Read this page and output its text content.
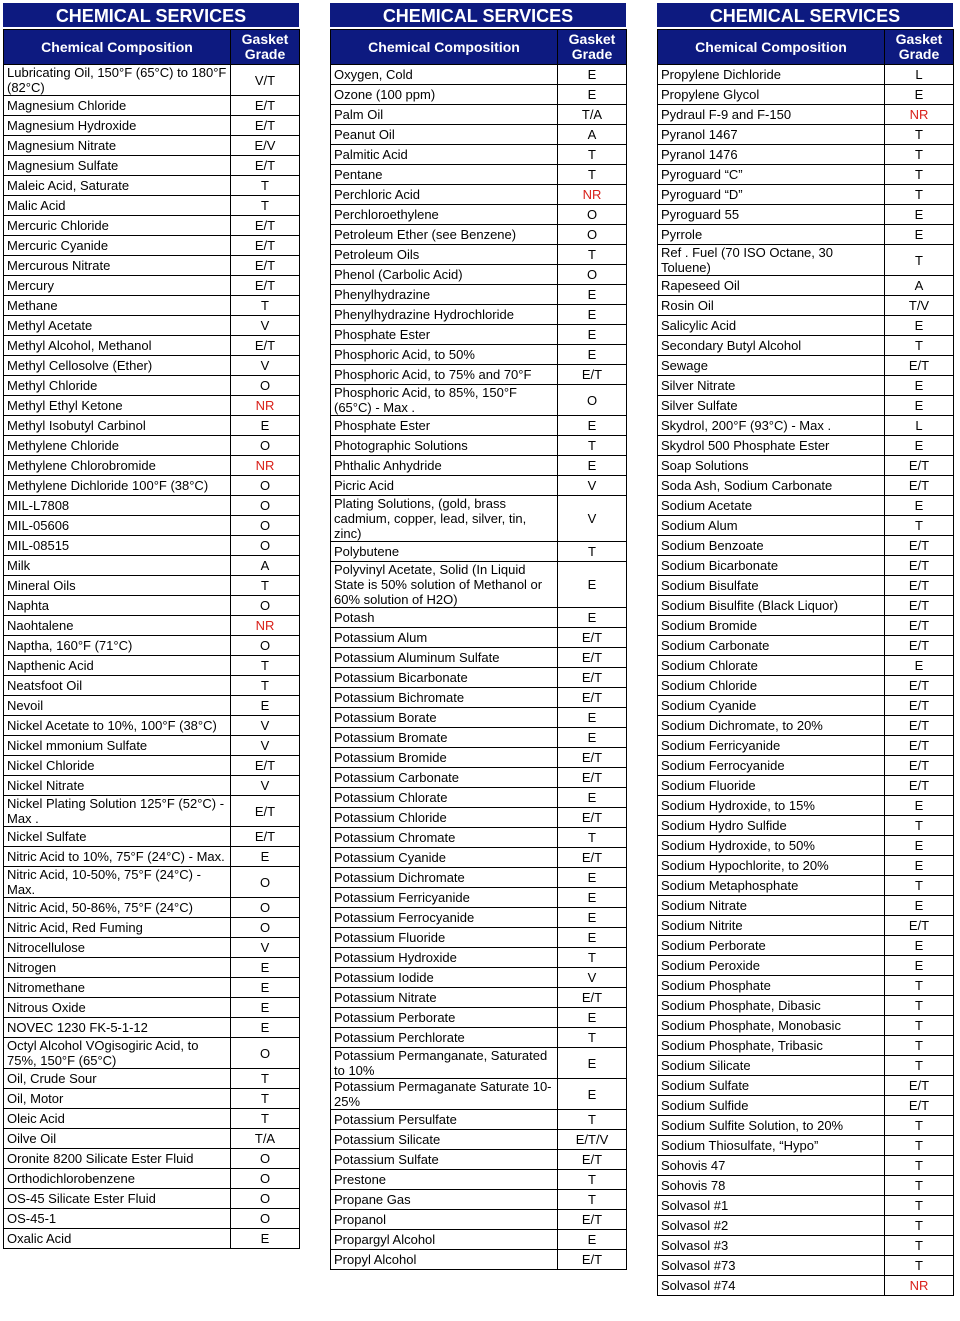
CHEMICAL SERVICES
Chemical Composition	Gasket Grade
Lubricating Oil, 150°F (65°C) to 180°F (82°C)	V/T
Magnesium Chloride	E/T
Magnesium Hydroxide	E/T
Magnesium Nitrate	E/V
Magnesium Sulfate	E/T
Maleic Acid, Saturate	T
Malic Acid	T
Mercuric Chloride	E/T
Mercuric Cyanide	E/T
Mercurous Nitrate	E/T
Mercury	E/T
Methane	T
Methyl Acetate	V
Methyl Alcohol, Methanol	E/T
Methyl Cellosolve (Ether)	V
Methyl Chloride	O
Methyl Ethyl Ketone	NR
Methyl Isobutyl Carbinol	E
Methylene Chloride	O
Methylene Chlorobromide	NR
Methylene Dichloride 100°F (38°C)	O
MIL-L7808	O
MIL-05606	O
MIL-08515	O
Milk	A
Mineral Oils	T
Naphta	O
Naohtalene	NR
Naptha, 160°F (71°C)	O
Napthenic Acid	T
Neatsfoot Oil	T
Nevoil	E
Nickel Acetate to 10%, 100°F (38°C)	V
Nickel mmonium Sulfate	V
Nickel Chloride	E/T
Nickel Nitrate	V
Nickel Plating Solution 125°F (52°C) - Max .	E/T
Nickel Sulfate	E/T
Nitric Acid to 10%, 75°F (24°C) - Max.	E
Nitric Acid, 10-50%, 75°F (24°C) - Max.	O
Nitric Acid, 50-86%, 75°F (24°C)	O
Nitric Acid, Red Fuming	O
Nitrocellulose	V
Nitrogen	E
Nitromethane	E
Nitrous Oxide	E
NOVEC 1230 FK-5-1-12	E
Octyl Alcohol VOgisogiric Acid, to 75%, 150°F (65°C)	O
Oil, Crude Sour	T
Oil, Motor	T
Oleic Acid	T
Oilve Oil	T/A
Oronite 8200 Silicate Ester Fluid	O
Orthodichlorobenzene	O
OS-45 Silicate Ester Fluid	O
OS-45-1	O
Oxalic Acid	E
CHEMICAL SERVICES
Chemical Composition	Gasket Grade
Oxygen, Cold	E
Ozone (100 ppm)	E
Palm Oil	T/A
Peanut Oil	A
Palmitic Acid	T
Pentane	T
Perchloric Acid	NR
Perchloroethylene	O
Petroleum Ether (see Benzene)	O
Petroleum Oils	T
Phenol (Carbolic Acid)	O
Phenylhydrazine	E
Phenylhydrazine Hydrochloride	E
Phosphate Ester	E
Phosphoric Acid, to 50%	E
Phosphoric Acid, to 75% and 70°F	E/T
Phosphoric Acid, to 85%, 150°F (65°C) - Max .	O
Phosphate Ester	E
Photographic Solutions	T
Phthalic Anhydride	E
Picric Acid	V
Plating Solutions, (gold, brass cadmium, copper, lead, silver, tin, zinc)	V
Polybutene	T
Polyvinyl Acetate, Solid (In Liquid State is 50% solution of Methanol or 60% solution of H2O)	E
Potash	E
Potassium Alum	E/T
Potassium Aluminum Sulfate	E/T
Potassium Bicarbonate	E/T
Potassium Bichromate	E/T
Potassium Borate	E
Potassium Bromate	E
Potassium Bromide	E/T
Potassium Carbonate	E/T
Potassium Chlorate	E
Potassium Chloride	E/T
Potassium Chromate	T
Potassium Cyanide	E/T
Potassium Dichromate	E
Potassium Ferricyanide	E
Potassium Ferrocyanide	E
Potassium Fluoride	E
Potassium Hydroxide	T
Potassium Iodide	V
Potassium Nitrate	E/T
Potassium Perborate	E
Potassium Perchlorate	T
Potassium Permanganate, Saturated to 10%	E
Potassium Permaganate Saturate 10-25%	E
Potassium Persulfate	T
Potassium Silicate	E/T/V
Potassium Sulfate	E/T
Prestone	T
Propane Gas	T
Propanol	E/T
Propargyl Alcohol	E
Propyl Alcohol	E/T
CHEMICAL SERVICES
Chemical Composition	Gasket Grade
Propylene Dichloride	L
Propylene Glycol	E
Pydraul F-9 and F-150	NR
Pyranol 1467	T
Pyranol 1476	T
Pyroguard “C”	T
Pyroguard “D”	T
Pyroguard 55	E
Pyrrole	E
Ref . Fuel (70 ISO Octane, 30 Toluene)	T
Rapeseed Oil	A
Rosin Oil	T/V
Salicylic Acid	E
Secondary Butyl Alcohol	T
Sewage	E/T
Silver Nitrate	E
Silver Sulfate	E
Skydrol, 200°F (93°C) - Max .	L
Skydrol 500 Phosphate Ester	E
Soap Solutions	E/T
Soda Ash, Sodium Carbonate	E/T
Sodium Acetate	E
Sodium Alum	T
Sodium Benzoate	E/T
Sodium Bicarbonate	E/T
Sodium Bisulfate	E/T
Sodium Bisulfite (Black Liquor)	E/T
Sodium Bromide	E/T
Sodium Carbonate	E/T
Sodium Chlorate	E
Sodium Chloride	E/T
Sodium Cyanide	E/T
Sodium Dichromate, to 20%	E/T
Sodium Ferricyanide	E/T
Sodium Ferrocyanide	E/T
Sodium Fluoride	E/T
Sodium Hydroxide, to 15%	E
Sodium Hydro Sulfide	T
Sodium Hydroxide, to 50%	E
Sodium Hypochlorite, to 20%	E
Sodium Metaphosphate	T
Sodium Nitrate	E
Sodium Nitrite	E/T
Sodium Perborate	E
Sodium Peroxide	E
Sodium Phosphate	T
Sodium Phosphate, Dibasic	T
Sodium Phosphate, Monobasic	T
Sodium Phosphate, Tribasic	T
Sodium Silicate	T
Sodium Sulfate	E/T
Sodium Sulfide	E/T
Sodium Sulfite Solution, to 20%	T
Sodium Thiosulfate, “Hypo”	T
Sohovis 47	T
Sohovis 78	T
Solvasol #1	T
Solvasol #2	T
Solvasol #3	T
Solvasol #73	T
Solvasol #74	NR
